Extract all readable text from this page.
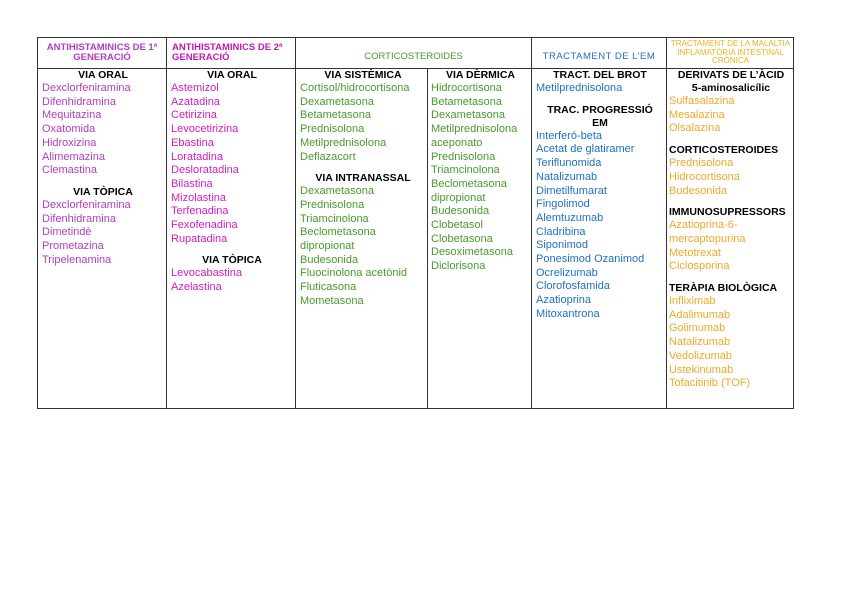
ANTIHISTAMINICS DE 1ª GENERACIÓ
ANTIHISTAMINICS DE 2ª GENERACIÓ	CORTICOSTEROIDES	TRACTAMENT DE L’EM
TRACTAMENT DE LA MALALTIA INFLAMATÒRIA INTESTINAL CRÒNICA

VIA ORAL

Dexclorfeniramina

Difenhidramina

Mequitazina

Oxatomida

Hidroxizina

Alimemazina

Clemastina

VIA TÒPICA

Dexclorfeniramina

Difenhidramina

Dimetindè

Prometazina

Tripelenamina

VIA ORAL

Astemizol

Azatadina

Cetirizina

Levocetirizina

Ebastina

Loratadina

Desloratadina

Bilastina

Mizolastina

Terfenadina

Fexofenadina

Rupatadina

VIA TÒPICA

Levocabastina

Azelastina

VIA SISTÈMICA

Cortisol/hidrocortisona

Dexametasona

Betametasona

Prednisolona

Metilprednisolona

Deflazacort

VIA INTRANASSAL

Dexametasona

Prednisolona

Triamcinolona

Beclometasona

dipropionat

Budesonida

Fluocinolona acetònid

Fluticasona

Mometasona

VIA DÈRMICA

Hidrocortisona

Betametasona

Dexametasona

Metilprednisolona

aceponato

Prednisolona

Triamcinolona

Beclometasona

dipropionat

Budesonida

Clobetasol

Clobetasona

Desoximetasona

Diclorisona

TRACT. DEL BROT

Metilprednisolona

TRAC. PROGRESSIÓ

EM

Interferó-beta

Acetat de glatiramer

Teriflunomida

Natalizumab

Dimetilfumarat

Fingolimod

Alemtuzumab

Cladribina

Siponimod

Ponesimod Ozanimod

Ocrelizumab

Clorofosfamida

Azatioprina

Mitoxantrona

DERIVATS DE L’ÀCID

5-aminosalicílic

Sulfasalazina

Mesalazina

Olsalazina

CORTICOSTEROIDES

Prednisolona

Hidrocortisona

Budesonida

IMMUNOSUPRESSORS

Azatioprina-6-

mercaptopurina

Metotrexat

Ciclosporina

TERÀPIA BIOLÒGICA

Infliximab

Adalimumab

Golimumab

Natalizumab

Vedolizumab

Ustekinumab

Tofacitinib (TOF)
